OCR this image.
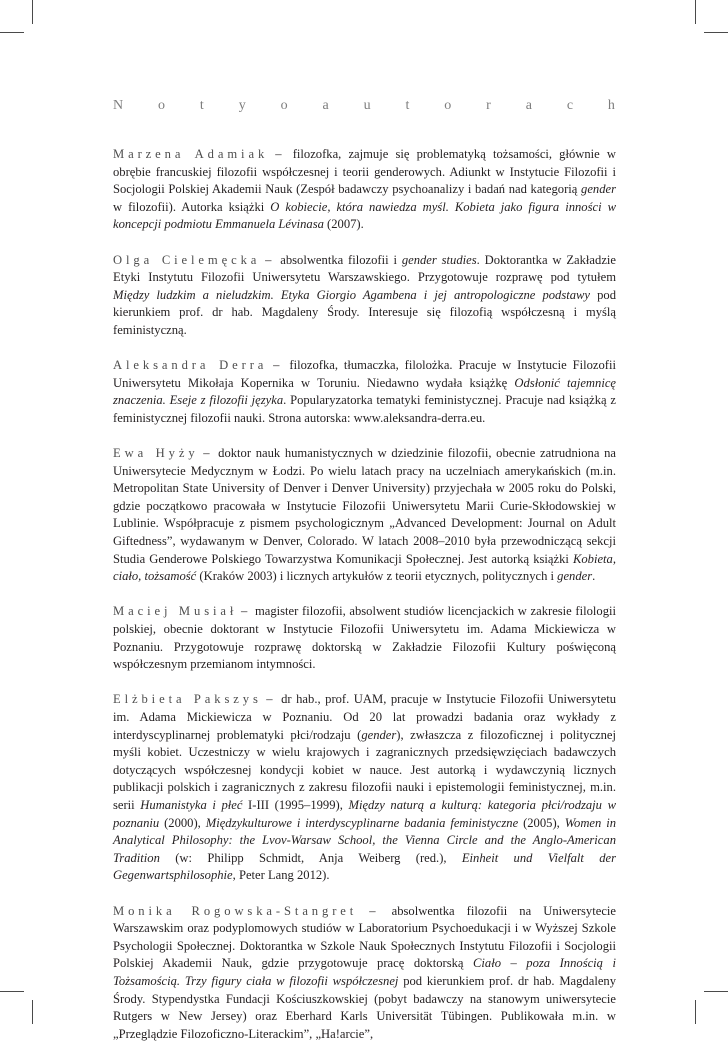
N o t y o a u t o r a c h

Marzena Adamiak – filozofka, zajmuje się problematyką tożsamości, głównie w obrębie francuskiej filozofii współczesnej i teorii genderowych. Adiunkt w Instytucie Filozofii i Socjologii Polskiej Akademii Nauk (Zespół badawczy psychoanalizy i badań nad kategorią gender w filozofii). Autorka książki O kobiecie, która nawiedza myśl. Kobieta jako figura inności w koncepcji podmiotu Emmanuela Lévinasa (2007).

Olga Cielemęcka – absolwentka filozofii i gender studies. Doktorantka w Zakładzie Etyki Instytutu Filozofii Uniwersytetu Warszawskiego. Przygotowuje rozprawę pod tytułem Między ludzkim a nieludzkim. Etyka Giorgio Agambena i jej antropologiczne podstawy pod kierunkiem prof. dr hab. Magdaleny Środy. Interesuje się filozofią współczesną i myślą feministyczną.

Aleksandra Derra – filozofka, tłumaczka, filolożka. Pracuje w Instytucie Filozofii Uniwersytetu Mikołaja Kopernika w Toruniu. Niedawno wydała książkę Odsłonić tajemnicę znaczenia. Eseje z filozofii języka. Popularyzatorka tematyki feministycznej. Pracuje nad książką z feministycznej filozofii nauki. Strona autorska: www.aleksandra-derra.eu.

Ewa Hyży – doktor nauk humanistycznych w dziedzinie filozofii, obecnie zatrudniona na Uniwersytecie Medycznym w Łodzi. Po wielu latach pracy na uczelniach amerykańskich (m.in. Metropolitan State University of Denver i Denver University) przyjechała w 2005 roku do Polski, gdzie początkowo pracowała w Instytucie Filozofii Uniwersytetu Marii Curie-Skłodowskiej w Lublinie. Współpracuje z pismem psychologicznym „Advanced Development: Journal on Adult Giftedness”, wydawanym w Denver, Colorado. W latach 2008–2010 była przewodniczącą sekcji Studia Genderowe Polskiego Towarzystwa Komunikacji Społecznej. Jest autorką książki Kobieta, ciało, tożsamość (Kraków 2003) i licznych artykułów z teorii etycznych, politycznych i gender.

Maciej Musiał – magister filozofii, absolwent studiów licencjackich w zakresie filologii polskiej, obecnie doktorant w Instytucie Filozofii Uniwersytetu im. Adama Mickiewicza w Poznaniu. Przygotowuje rozprawę doktorską w Zakładzie Filozofii Kultury poświęconą współczesnym przemianom intymności.

Elżbieta Pakszys – dr hab., prof. UAM, pracuje w Instytucie Filozofii Uniwersytetu im. Adama Mickiewicza w Poznaniu. Od 20 lat prowadzi badania oraz wykłady z interdyscyplinarnej problematyki płci/rodzaju (gender), zwłaszcza z filozoficznej i politycznej myśli kobiet. Uczestniczy w wielu krajowych i zagranicznych przedsięwzięciach badawczych dotyczących współczesnej kondycji kobiet w nauce. Jest autorką i wydawczynią licznych publikacji polskich i zagranicznych z zakresu filozofii nauki i epistemologii feministycznej, m.in. serii Humanistyka i płeć I-III (1995–1999), Między naturą a kulturą: kategoria płci/rodzaju w poznaniu (2000), Międzykulturowe i interdyscyplinarne badania feministyczne (2005), Women in Analytical Philosophy: the Lvov-Warsaw School, the Vienna Circle and the Anglo-American Tradition (w: Philipp Schmidt, Anja Weiberg (red.), Einheit und Vielfalt der Gegenwartsphilosophie, Peter Lang 2012).

Monika Rogowska-Stangret – absolwentka filozofii na Uniwersytecie Warszawskim oraz podyplomowych studiów w Laboratorium Psychoedukacji i w Wyższej Szkole Psychologii Społecznej. Doktorantka w Szkole Nauk Społecznych Instytutu Filozofii i Socjologii Polskiej Akademii Nauk, gdzie przygotowuje pracę doktorską Ciało – poza Innością i Tożsamością. Trzy figury ciała w filozofii współczesnej pod kierunkiem prof. dr hab. Magdaleny Środy. Stypendystka Fundacji Kościuszkowskiej (pobyt badawczy na stanowym uniwersytecie Rutgers w New Jersey) oraz Eberhard Karls Universität Tübingen. Publikowała m.in. w „Przeglądzie Filozoficzno-Literackim”, „Ha!arcie”,
